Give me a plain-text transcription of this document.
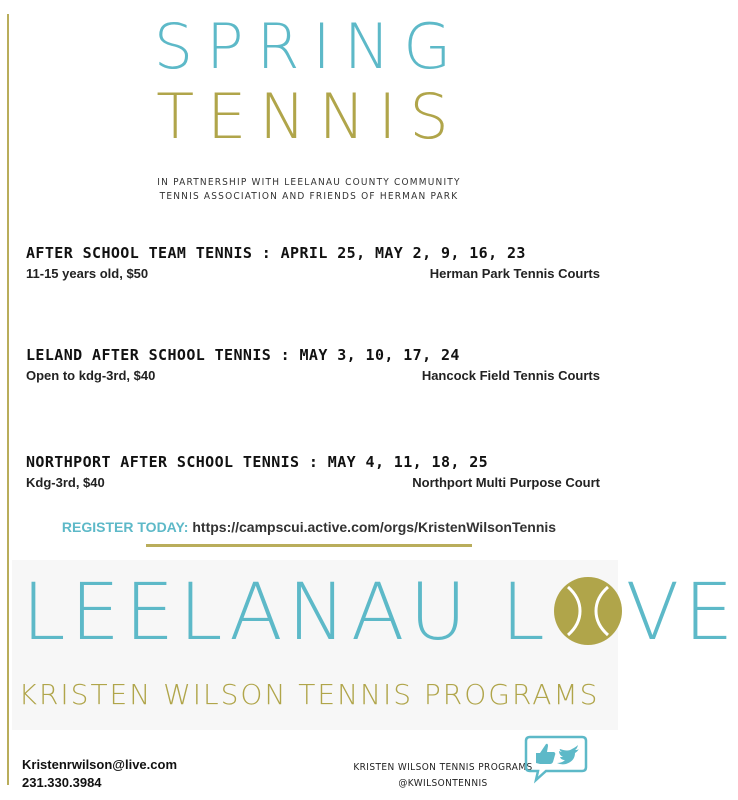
SPRING
TENNIS
IN PARTNERSHIP WITH LEELANAU COUNTY COMMUNITY
TENNIS ASSOCIATION AND FRIENDS OF HERMAN PARK
AFTER SCHOOL TEAM TENNIS : APRIL 25, MAY 2, 9, 16, 23
11-15 years old, $50	Herman Park Tennis Courts
LELAND AFTER SCHOOL TENNIS : MAY 3, 10, 17, 24
Open to kdg-3rd, $40	Hancock Field Tennis Courts
NORTHPORT AFTER SCHOOL TENNIS : MAY 4, 11, 18, 25
Kdg-3rd, $40	Northport Multi Purpose Court
REGISTER TODAY: https://campscui.active.com/orgs/KristenWilsonTennis
LEELANAU L VE
KRISTEN WILSON TENNIS PROGRAMS
Kristenrwilson@live.com
231.330.3984
KRISTEN WILSON TENNIS PROGRAMS
@KWILSONTENNIS
